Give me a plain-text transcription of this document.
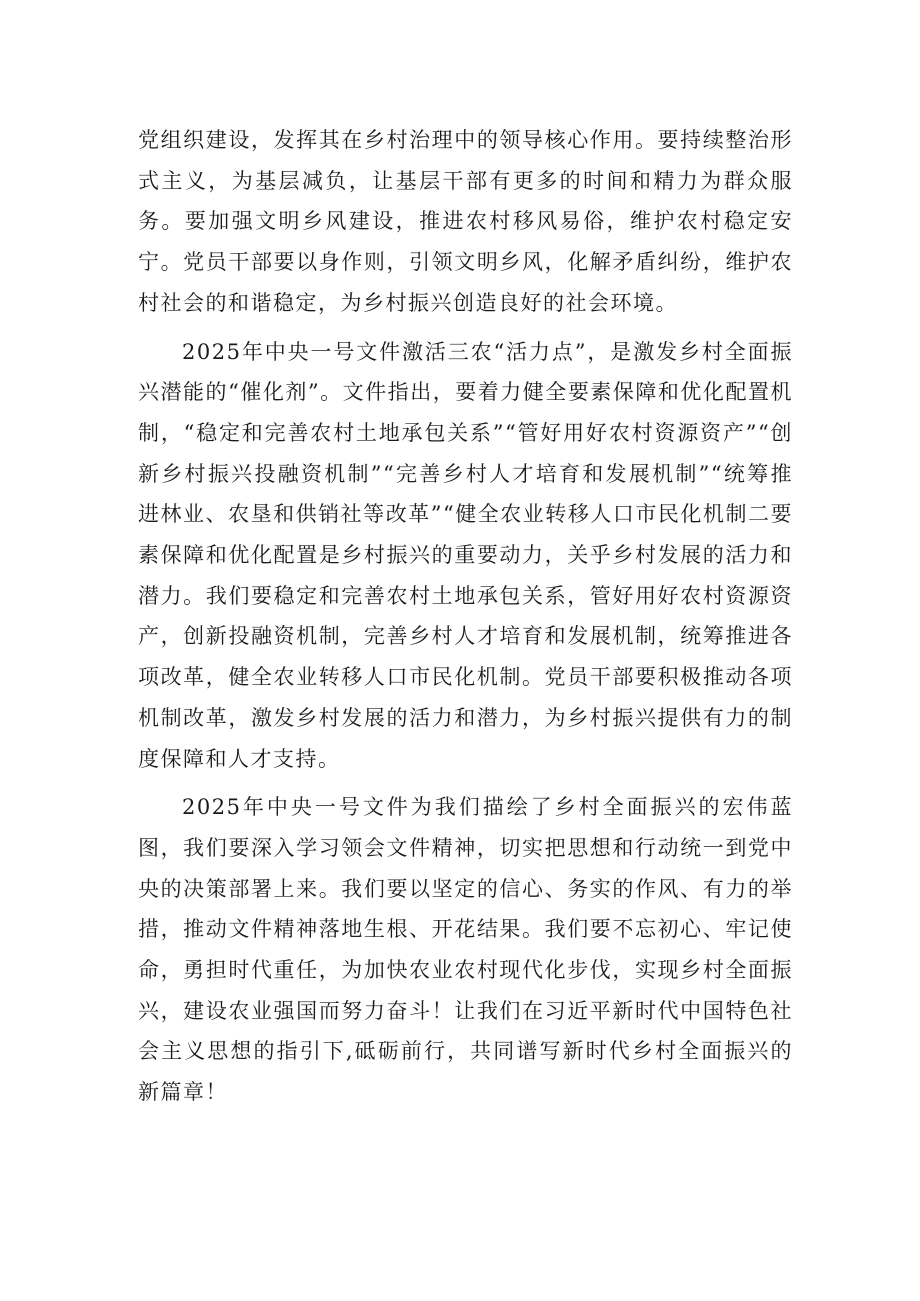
党组织建设，发挥其在乡村治理中的领导核心作用。要持续整治形式主义，为基层减负，让基层干部有更多的时间和精力为群众服务。要加强文明乡风建设，推进农村移风易俗，维护农村稳定安宁。党员干部要以身作则，引领文明乡风，化解矛盾纠纷，维护农村社会的和谐稳定，为乡村振兴创造良好的社会环境。

2025年中央一号文件激活三农“活力点”，是激发乡村全面振兴潜能的“催化剂”。文件指出，要着力健全要素保障和优化配置机制，“稳定和完善农村土地承包关系”“管好用好农村资源资产”“创新乡村振兴投融资机制”“完善乡村人才培育和发展机制”“统筹推进林业、农垦和供销社等改革”“健全农业转移人口市民化机制二要素保障和优化配置是乡村振兴的重要动力，关乎乡村发展的活力和潜力。我们要稳定和完善农村土地承包关系，管好用好农村资源资产，创新投融资机制，完善乡村人才培育和发展机制，统筹推进各项改革，健全农业转移人口市民化机制。党员干部要积极推动各项机制改革，激发乡村发展的活力和潜力，为乡村振兴提供有力的制度保障和人才支持。

2025年中央一号文件为我们描绘了乡村全面振兴的宏伟蓝图，我们要深入学习领会文件精神，切实把思想和行动统一到党中央的决策部署上来。我们要以坚定的信心、务实的作风、有力的举措，推动文件精神落地生根、开花结果。我们要不忘初心、牢记使命，勇担时代重任，为加快农业农村现代化步伐，实现乡村全面振兴，建设农业强国而努力奋斗！让我们在习近平新时代中国特色社会主义思想的指引下,砥砺前行，共同谱写新时代乡村全面振兴的新篇章！
